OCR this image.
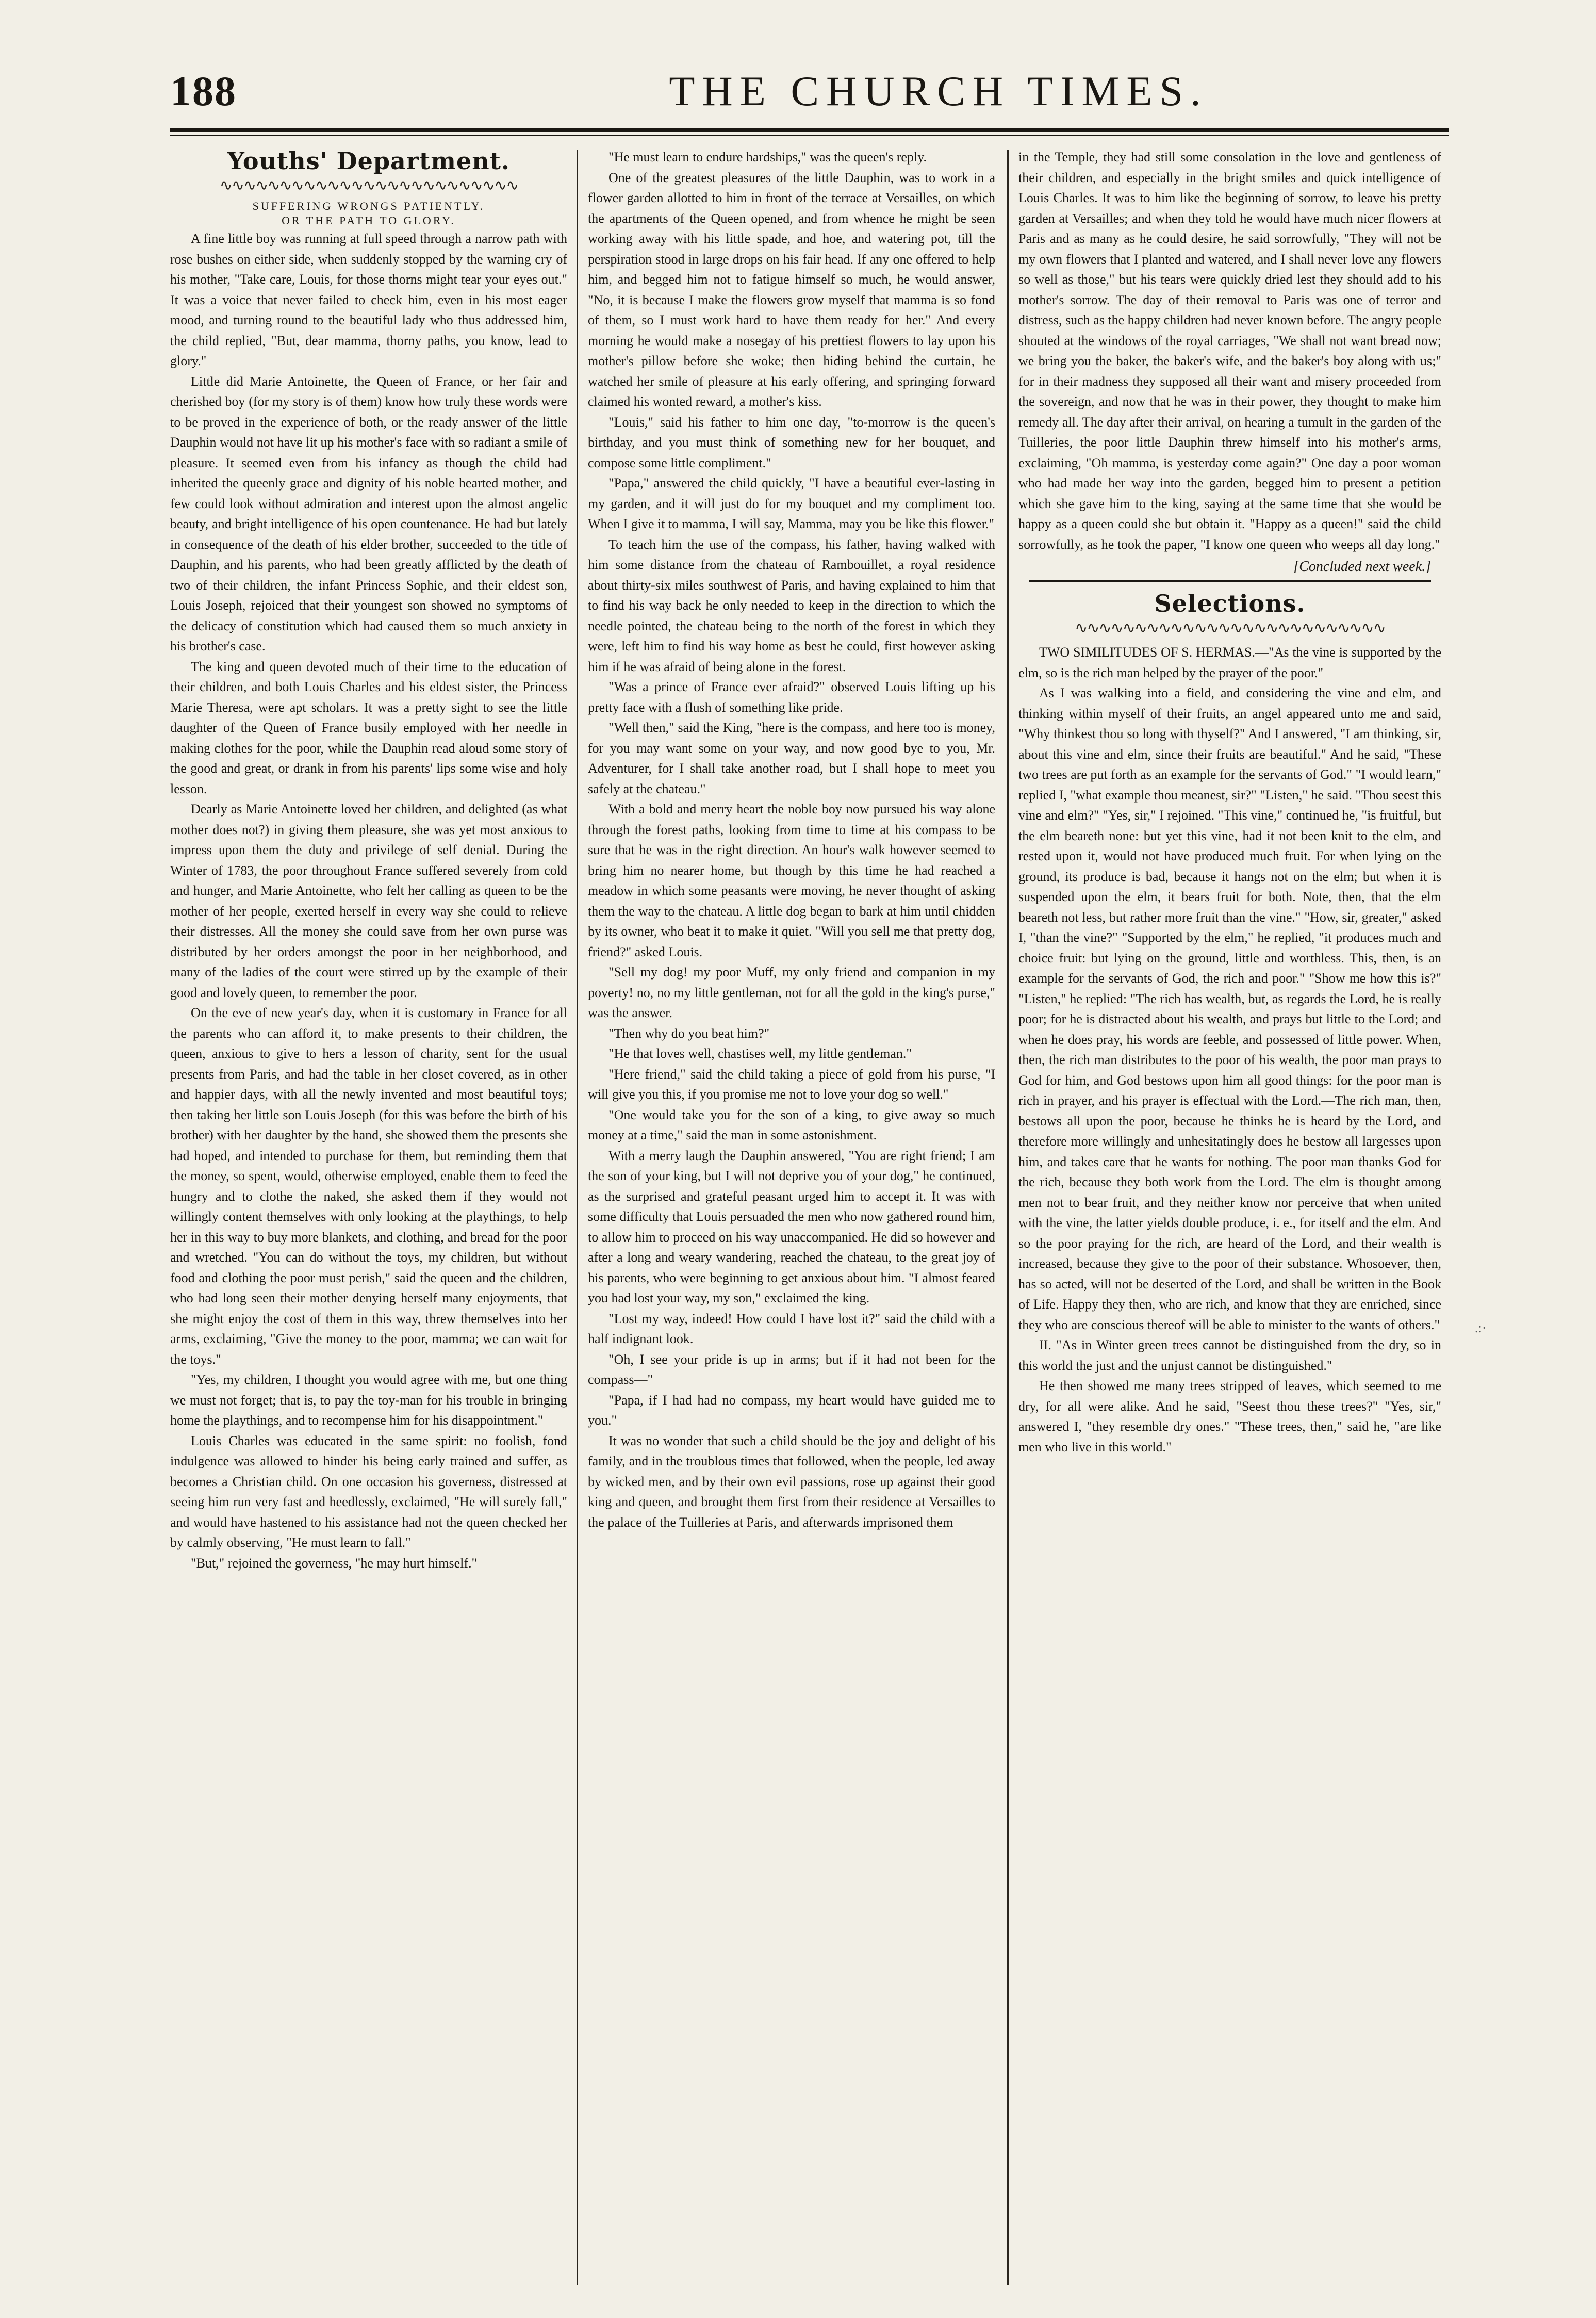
188	THE CHURCH TIMES.
Youths' Department.
∿∿∿∿∿∿∿∿∿∿∿∿∿∿∿∿∿∿∿∿∿∿∿∿∿
SUFFERING WRONGS PATIENTLY.
OR THE PATH TO GLORY.

A fine little boy was running at full speed through a narrow path with rose bushes on either side, when suddenly stopped by the warning cry of his mother, "Take care, Louis, for those thorns might tear your eyes out." It was a voice that never failed to check him, even in his most eager mood, and turning round to the beautiful lady who thus addressed him, the child replied, "But, dear mamma, thorny paths, you know, lead to glory."

Little did Marie Antoinette, the Queen of France, or her fair and cherished boy (for my story is of them) know how truly these words were to be proved in the experience of both, or the ready answer of the little Dauphin would not have lit up his mother's face with so radiant a smile of pleasure. It seemed even from his infancy as though the child had inherited the queenly grace and dignity of his noble hearted mother, and few could look without admiration and interest upon the almost angelic beauty, and bright intelligence of his open countenance. He had but lately in consequence of the death of his elder brother, succeeded to the title of Dauphin, and his parents, who had been greatly afflicted by the death of two of their children, the infant Princess Sophie, and their eldest son, Louis Joseph, rejoiced that their youngest son showed no symptoms of the delicacy of constitution which had caused them so much anxiety in his brother's case.

The king and queen devoted much of their time to the education of their children, and both Louis Charles and his eldest sister, the Princess Marie Theresa, were apt scholars. It was a pretty sight to see the little daughter of the Queen of France busily employed with her needle in making clothes for the poor, while the Dauphin read aloud some story of the good and great, or drank in from his parents' lips some wise and holy lesson.

Dearly as Marie Antoinette loved her children, and delighted (as what mother does not?) in giving them pleasure, she was yet most anxious to impress upon them the duty and privilege of self denial. During the Winter of 1783, the poor throughout France suffered severely from cold and hunger, and Marie Antoinette, who felt her calling as queen to be the mother of her people, exerted herself in every way she could to relieve their distresses. All the money she could save from her own purse was distributed by her orders amongst the poor in her neighborhood, and many of the ladies of the court were stirred up by the example of their good and lovely queen, to remember the poor.

On the eve of new year's day, when it is customary in France for all the parents who can afford it, to make presents to their children, the queen, anxious to give to hers a lesson of charity, sent for the usual presents from Paris, and had the table in her closet covered, as in other and happier days, with all the newly invented and most beautiful toys; then taking her little son Louis Joseph (for this was before the birth of his brother) with her daughter by the hand, she showed them the presents she had hoped, and intended to purchase for them, but reminding them that the money, so spent, would, otherwise employed, enable them to feed the hungry and to clothe the naked, she asked them if they would not willingly content themselves with only looking at the playthings, to help her in this way to buy more blankets, and clothing, and bread for the poor and wretched. "You can do without the toys, my children, but without food and clothing the poor must perish," said the queen and the children, who had long seen their mother denying herself many enjoyments, that she might enjoy the cost of them in this way, threw themselves into her arms, exclaiming, "Give the money to the poor, mamma; we can wait for the toys."

"Yes, my children, I thought you would agree with me, but one thing we must not forget; that is, to pay the toy-man for his trouble in bringing home the playthings, and to recompense him for his disappointment."

Louis Charles was educated in the same spirit: no foolish, fond indulgence was allowed to hinder his being early trained and suffer, as becomes a Christian child. On one occasion his governess, distressed at seeing him run very fast and heedlessly, exclaimed, "He will surely fall," and would have hastened to his assistance had not the queen checked her by calmly observing, "He must learn to fall."

"But," rejoined the governess, "he may hurt himself."

"He must learn to endure hardships," was the queen's reply.

One of the greatest pleasures of the little Dauphin, was to work in a flower garden allotted to him in front of the terrace at Versailles, on which the apartments of the Queen opened, and from whence he might be seen working away with his little spade, and hoe, and watering pot, till the perspiration stood in large drops on his fair head. If any one offered to help him, and begged him not to fatigue himself so much, he would answer, "No, it is because I make the flowers grow myself that mamma is so fond of them, so I must work hard to have them ready for her." And every morning he would make a nosegay of his prettiest flowers to lay upon his mother's pillow before she woke; then hiding behind the curtain, he watched her smile of pleasure at his early offering, and springing forward claimed his wonted reward, a mother's kiss.

"Louis," said his father to him one day, "to-morrow is the queen's birthday, and you must think of something new for her bouquet, and compose some little compliment."

"Papa," answered the child quickly, "I have a beautiful ever-lasting in my garden, and it will just do for my bouquet and my compliment too. When I give it to mamma, I will say, Mamma, may you be like this flower."

To teach him the use of the compass, his father, having walked with him some distance from the chateau of Rambouillet, a royal residence about thirty-six miles southwest of Paris, and having explained to him that to find his way back he only needed to keep in the direction to which the needle pointed, the chateau being to the north of the forest in which they were, left him to find his way home as best he could, first however asking him if he was afraid of being alone in the forest.

"Was a prince of France ever afraid?" observed Louis lifting up his pretty face with a flush of something like pride.

"Well then," said the King, "here is the compass, and here too is money, for you may want some on your way, and now good bye to you, Mr. Adventurer, for I shall take another road, but I shall hope to meet you safely at the chateau."

With a bold and merry heart the noble boy now pursued his way alone through the forest paths, looking from time to time at his compass to be sure that he was in the right direction. An hour's walk however seemed to bring him no nearer home, but though by this time he had reached a meadow in which some peasants were moving, he never thought of asking them the way to the chateau. A little dog began to bark at him until chidden by its owner, who beat it to make it quiet. "Will you sell me that pretty dog, friend?" asked Louis.

"Sell my dog! my poor Muff, my only friend and companion in my poverty! no, no my little gentleman, not for all the gold in the king's purse," was the answer.

"Then why do you beat him?"

"He that loves well, chastises well, my little gentleman."

"Here friend," said the child taking a piece of gold from his purse, "I will give you this, if you promise me not to love your dog so well."

"One would take you for the son of a king, to give away so much money at a time," said the man in some astonishment.

With a merry laugh the Dauphin answered, "You are right friend; I am the son of your king, but I will not deprive you of your dog," he continued, as the surprised and grateful peasant urged him to accept it. It was with some difficulty that Louis persuaded the men who now gathered round him, to allow him to proceed on his way unaccompanied. He did so however and after a long and weary wandering, reached the chateau, to the great joy of his parents, who were beginning to get anxious about him. "I almost feared you had lost your way, my son," exclaimed the king.

"Lost my way, indeed! How could I have lost it?" said the child with a half indignant look.

"Oh, I see your pride is up in arms; but if it had not been for the compass—"

"Papa, if I had had no compass, my heart would have guided me to you."

It was no wonder that such a child should be the joy and delight of his family, and in the troublous times that followed, when the people, led away by wicked men, and by their own evil passions, rose up against their good king and queen, and brought them first from their residence at Versailles to the palace of the Tuilleries at Paris, and afterwards imprisoned them

in the Temple, they had still some consolation in the love and gentleness of their children, and especially in the bright smiles and quick intelligence of Louis Charles. It was to him like the beginning of sorrow, to leave his pretty garden at Versailles; and when they told he would have much nicer flowers at Paris and as many as he could desire, he said sorrowfully, "They will not be my own flowers that I planted and watered, and I shall never love any flowers so well as those," but his tears were quickly dried lest they should add to his mother's sorrow. The day of their removal to Paris was one of terror and distress, such as the happy children had never known before. The angry people shouted at the windows of the royal carriages, "We shall not want bread now; we bring you the baker, the baker's wife, and the baker's boy along with us;" for in their madness they supposed all their want and misery proceeded from the sovereign, and now that he was in their power, they thought to make him remedy all. The day after their arrival, on hearing a tumult in the garden of the Tuilleries, the poor little Dauphin threw himself into his mother's arms, exclaiming, "Oh mamma, is yesterday come again?" One day a poor woman who had made her way into the garden, begged him to present a petition which she gave him to the king, saying at the same time that she would be happy as a queen could she but obtain it. "Happy as a queen!" said the child sorrowfully, as he took the paper, "I know one queen who weeps all day long."

[Concluded next week.]
Selections.
∿∿∿∿∿∿∿∿∿∿∿∿∿∿∿∿∿∿∿∿∿∿∿∿∿∿

TWO SIMILITUDES OF S. HERMAS.—"As the vine is supported by the elm, so is the rich man helped by the prayer of the poor."

As I was walking into a field, and considering the vine and elm, and thinking within myself of their fruits, an angel appeared unto me and said, "Why thinkest thou so long with thyself?" And I answered, "I am thinking, sir, about this vine and elm, since their fruits are beautiful." And he said, "These two trees are put forth as an example for the servants of God." "I would learn," replied I, "what example thou meanest, sir?" "Listen," he said. "Thou seest this vine and elm?" "Yes, sir," I rejoined. "This vine," continued he, "is fruitful, but the elm beareth none: but yet this vine, had it not been knit to the elm, and rested upon it, would not have produced much fruit. For when lying on the ground, its produce is bad, because it hangs not on the elm; but when it is suspended upon the elm, it bears fruit for both. Note, then, that the elm beareth not less, but rather more fruit than the vine." "How, sir, greater," asked I, "than the vine?" "Supported by the elm," he replied, "it produces much and choice fruit: but lying on the ground, little and worthless. This, then, is an example for the servants of God, the rich and poor." "Show me how this is?" "Listen," he replied: "The rich has wealth, but, as regards the Lord, he is really poor; for he is distracted about his wealth, and prays but little to the Lord; and when he does pray, his words are feeble, and possessed of little power. When, then, the rich man distributes to the poor of his wealth, the poor man prays to God for him, and God bestows upon him all good things: for the poor man is rich in prayer, and his prayer is effectual with the Lord.—The rich man, then, bestows all upon the poor, because he thinks he is heard by the Lord, and therefore more willingly and unhesitatingly does he bestow all largesses upon him, and takes care that he wants for nothing. The poor man thanks God for the rich, because they both work from the Lord. The elm is thought among men not to bear fruit, and they neither know nor perceive that when united with the vine, the latter yields double produce, i. e., for itself and the elm. And so the poor praying for the rich, are heard of the Lord, and their wealth is increased, because they give to the poor of their substance. Whosoever, then, has so acted, will not be deserted of the Lord, and shall be written in the Book of Life. Happy they then, who are rich, and know that they are enriched, since they who are conscious thereof will be able to minister to the wants of others."

II. "As in Winter green trees cannot be distinguished from the dry, so in this world the just and the unjust cannot be distinguished."

He then showed me many trees stripped of leaves, which seemed to me dry, for all were alike. And he said, "Seest thou these trees?" "Yes, sir," answered I, "they resemble dry ones." "These trees, then," said he, "are like men who live in this world."

.:·
